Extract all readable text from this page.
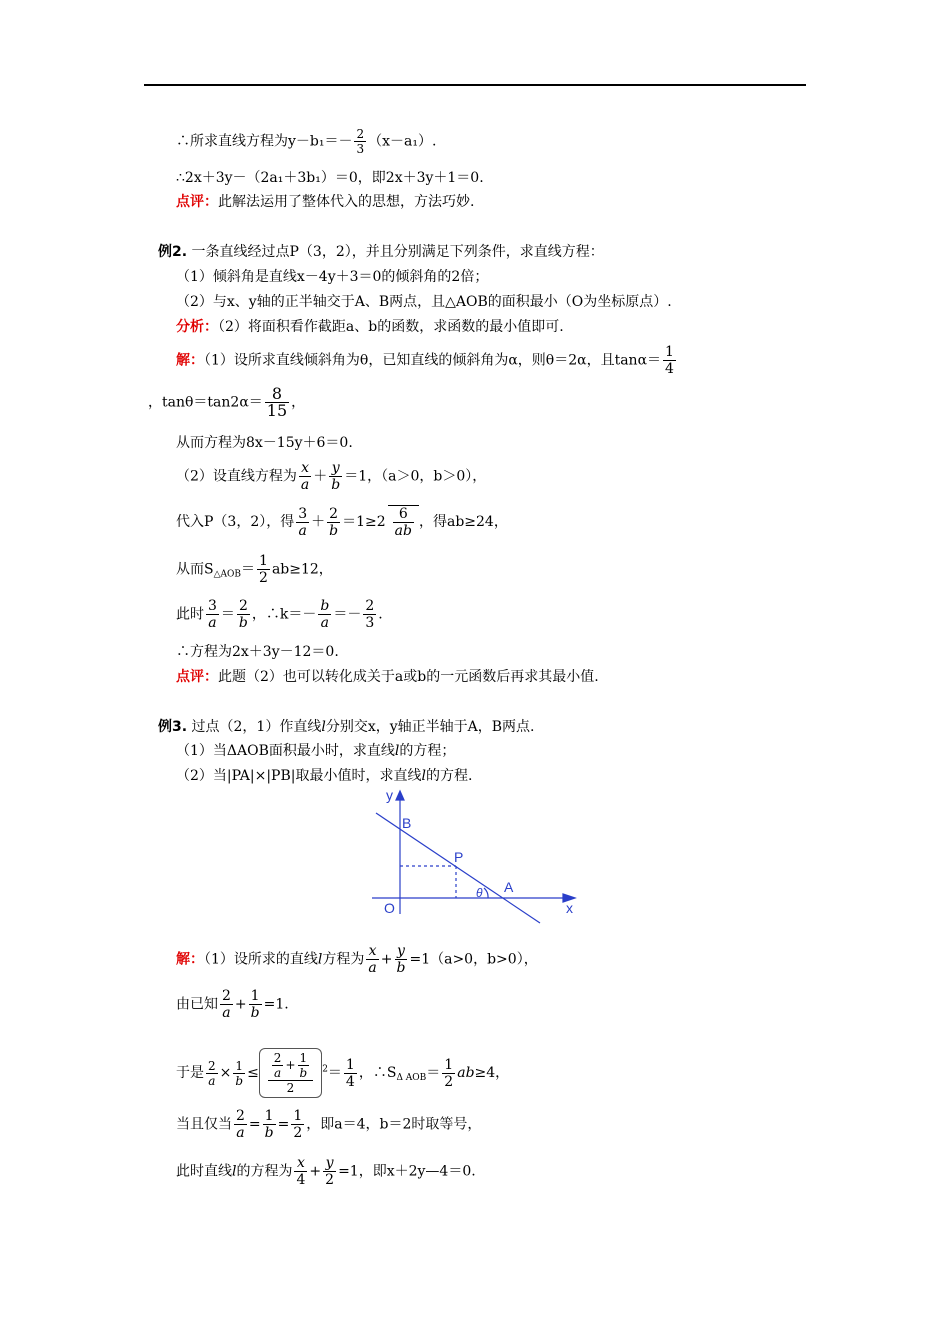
∴所求直线方程为$y-b_1=- \frac{2}{3} (x-a_1)$.
∴2x＋3y－（2a₁＋3b₁）＝0，即2x＋3y＋1＝0.
点评：此解法运用了整体代入的思想，方法巧妙.
例2. 一条直线经过点P（3，2），并且分别满足下列条件，求直线方程：
（1）倾斜角是直线x－4y＋3＝0的倾斜角的2倍；
（2）与x、y轴的正半轴交于A、B两点，且△AOB的面积最小（O为坐标原点）.
分析：（2）将面积看作截距a、b的函数，求函数的最小值即可.
解：（1）设所求直线倾斜角为θ，已知直线的倾斜角为α，则θ＝2α，且$\tan\alpha= \frac{1}{4}$
，$\tan\theta=\tan 2\alpha= \frac{8}{15}$ ，
从而方程为8x－15y＋6＝0.
（2）设直线方程为 $\frac{x}{a} + \frac{y}{b} =1$，（a＞0，b＞0），
代入P（3，2），得 $\frac{3}{a} + \frac{2}{b} =1\ge 2 \frac{6}{ab}$ ，得ab≥24，
从而$S_{\triangle AOB}= \frac{1}{2} ab\ge 12$，
此时 $\frac{3}{a} = \frac{2}{b}$ ，∴k＝－ $\frac{b}{a} =- \frac{2}{3}$ .
∴方程为2x＋3y－12＝0.
点评：此题（2）也可以转化成关于a或b的一元函数后再求其最小值.
例3. 过点（2，1）作直线l分别交x，y轴正半轴于A，B两点.
（1）当ΔAOB面积最小时，求直线l的方程；
（2）当|PA|×|PB|取最小值时，求直线l的方程.
y
B
P
A
O	x
θ
解：（1）设所求的直线l方程为 $\frac{x}{a} + \frac{y}{b} =1(a>0$，b>0），
由已知 $\frac{2}{a} + \frac{1}{b} =1$.
于是 $\frac{2}{a} \times \frac{1}{b} \le \frac{\frac{2}{a} + \frac{1}{b}}{2} ^2= \frac{1}{4}$ ，$\therefore S_{\Delta AOB}= \frac{1}{2} ab\ge 4$，
当且仅当 $\frac{2}{a} = \frac{1}{b} = \frac{1}{2}$ ，即a＝4，b＝2时取等号，
此时直线l的方程为 $\frac{x}{4} + \frac{y}{2} =1$，即x＋2y—4＝0.
